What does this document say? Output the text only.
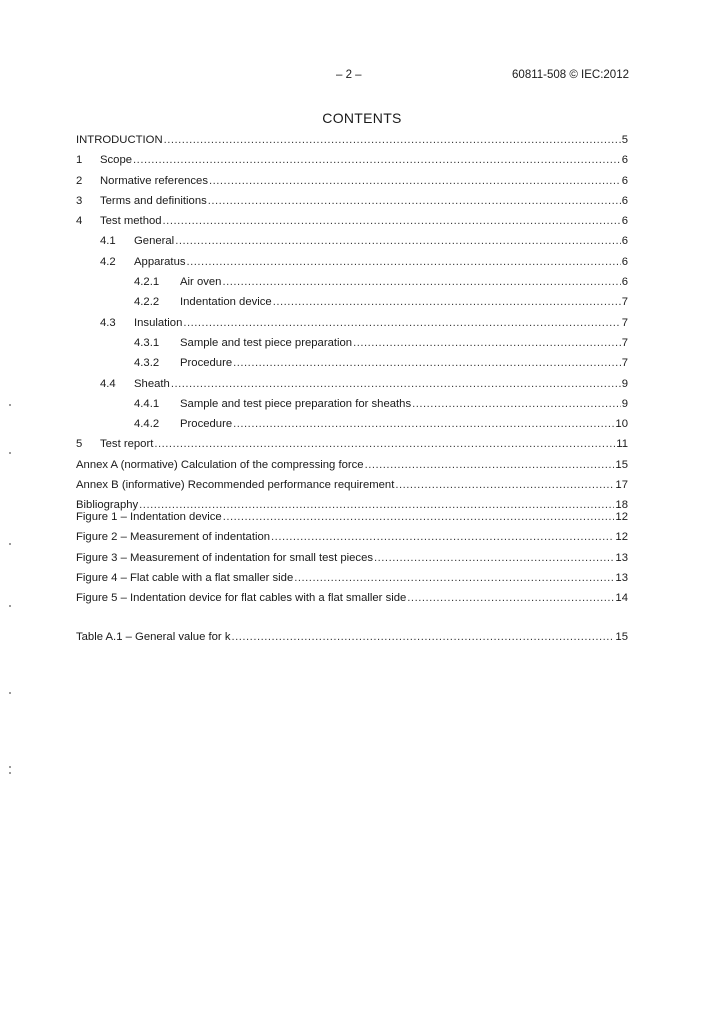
– 2 –	60811-508 © IEC:2012
CONTENTS
INTRODUCTION .....	5
1	Scope .....	6
2	Normative references .....	6
3	Terms and definitions .....	6
4	Test method .....	6
4.1	General .....	6
4.2	Apparatus .....	6
4.2.1	Air oven .....	6
4.2.2	Indentation device .....	7
4.3	Insulation .....	7
4.3.1	Sample and test piece preparation .....	7
4.3.2	Procedure .....	7
4.4	Sheath .....	9
4.4.1	Sample and test piece preparation for sheaths .....	9
4.4.2	Procedure .....	10
5	Test report .....	11
Annex A (normative) Calculation of the compressing force .....	15
Annex B (informative) Recommended performance requirement .....	17
Bibliography .....	18
Figure 1 – Indentation device .....	12
Figure 2 – Measurement of indentation .....	12
Figure 3 – Measurement of indentation for small test pieces .....	13
Figure 4 – Flat cable with a flat smaller side .....	13
Figure 5 – Indentation device for flat cables with a flat smaller side .....	14
Table A.1 – General value for k .....	15
